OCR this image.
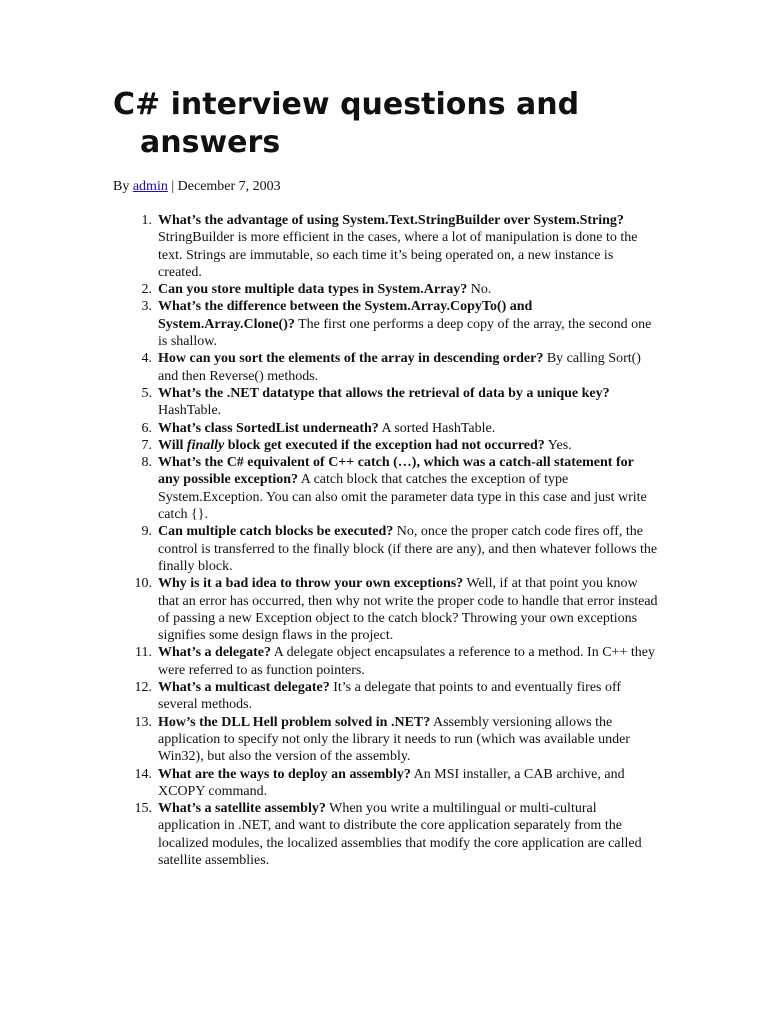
C# interview questions and answers
By admin | December 7, 2003
1. What’s the advantage of using System.Text.StringBuilder over System.String? StringBuilder is more efficient in the cases, where a lot of manipulation is done to the text. Strings are immutable, so each time it’s being operated on, a new instance is created.
2. Can you store multiple data types in System.Array? No.
3. What’s the difference between the System.Array.CopyTo() and System.Array.Clone()? The first one performs a deep copy of the array, the second one is shallow.
4. How can you sort the elements of the array in descending order? By calling Sort() and then Reverse() methods.
5. What’s the .NET datatype that allows the retrieval of data by a unique key? HashTable.
6. What’s class SortedList underneath? A sorted HashTable.
7. Will finally block get executed if the exception had not occurred? Yes.
8. What’s the C# equivalent of C++ catch (…), which was a catch-all statement for any possible exception? A catch block that catches the exception of type System.Exception. You can also omit the parameter data type in this case and just write catch {}.
9. Can multiple catch blocks be executed? No, once the proper catch code fires off, the control is transferred to the finally block (if there are any), and then whatever follows the finally block.
10. Why is it a bad idea to throw your own exceptions? Well, if at that point you know that an error has occurred, then why not write the proper code to handle that error instead of passing a new Exception object to the catch block? Throwing your own exceptions signifies some design flaws in the project.
11. What’s a delegate? A delegate object encapsulates a reference to a method. In C++ they were referred to as function pointers.
12. What’s a multicast delegate? It’s a delegate that points to and eventually fires off several methods.
13. How’s the DLL Hell problem solved in .NET? Assembly versioning allows the application to specify not only the library it needs to run (which was available under Win32), but also the version of the assembly.
14. What are the ways to deploy an assembly? An MSI installer, a CAB archive, and XCOPY command.
15. What’s a satellite assembly? When you write a multilingual or multi-cultural application in .NET, and want to distribute the core application separately from the localized modules, the localized assemblies that modify the core application are called satellite assemblies.
